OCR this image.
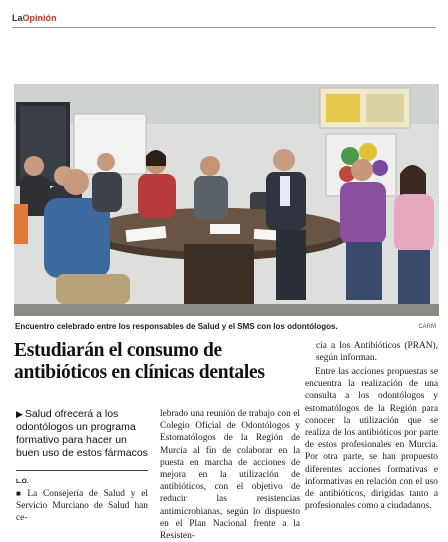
LaOpinión
Encuentro celebrado entre los responsables de Salud y el SMS con los odontólogos.	CARM
Estudiarán el consumo de antibióticos en clínicas dentales

cia a los Antibióticos (PRAN), según informan.

▶ Salud ofrecerá a los odontólogos un programa formativo para hacer un buen uso de estos fármacos
L.O.

■ La Consejería de Salud y el Servicio Murciano de Salud han ce-

lebrado una reunión de trabajo con el Colegio Oficial de Odontólogos y Estomatólogos de la Región de Murcia al fin de colaborar en la puesta en marcha de acciones de mejora en la utilización de antibióticos, con el objetivo de reducir las resistencias antimicrobianas, según lo dispuesto en el Plan Nacional frente a la Resisten-

Entre las acciones propuestas se encuentra la realización de una consulta a los odontólogos y estomatólogos de la Región para conocer la utilización que se realiza de los antibióticos por parte de estos profesionales en Murcia. Por otra parte, se han propuesto diferentes acciones formativas e informativas en relación con el uso de antibióticos, dirigidas tanto a profesionales como a ciudadanos.
